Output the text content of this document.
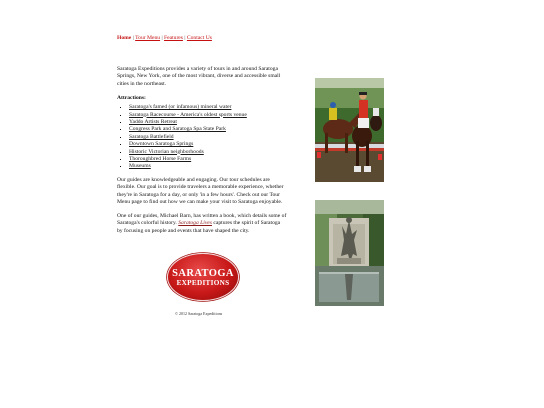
Home | Tour Menu | Features | Contact Us

Saratoga Expeditions provides a variety of tours in and around Saratoga Springs, New York, one of the most vibrant, diverse and accessible small cities in the northeast.

Attractions:

▪ Saratoga's famed (or infamous) mineral water
▪ Saratoga Racecourse - America's oldest sports venue
▪ Yaddo Artists Retreat
▪ Congress Park and Saratoga Spa State Park
▪ Saratoga Battlefield
▪ Downtown Saratoga Springs
▪ Historic Victorian neighborhoods
▪ Thoroughbred Horse Farms
▪ Museums

Our guides are knowledgeable and engaging. Our tour schedules are flexible. Our goal is to provide travelers a memorable experience, whether they're in Saratoga for a day, or only 'in a few hours'. Check out our Tour Menu page to find out how we can make your visit to Saratoga enjoyable.

One of our guides, Michael Barn, has written a book, which details some of Saratoga's colorful history. Saratoga Lives captures the spirit of Saratoga by focusing on people and events that have shaped the city.

SARATOGA
EXPEDITIONS
© 2012 Saratoga Expeditions
